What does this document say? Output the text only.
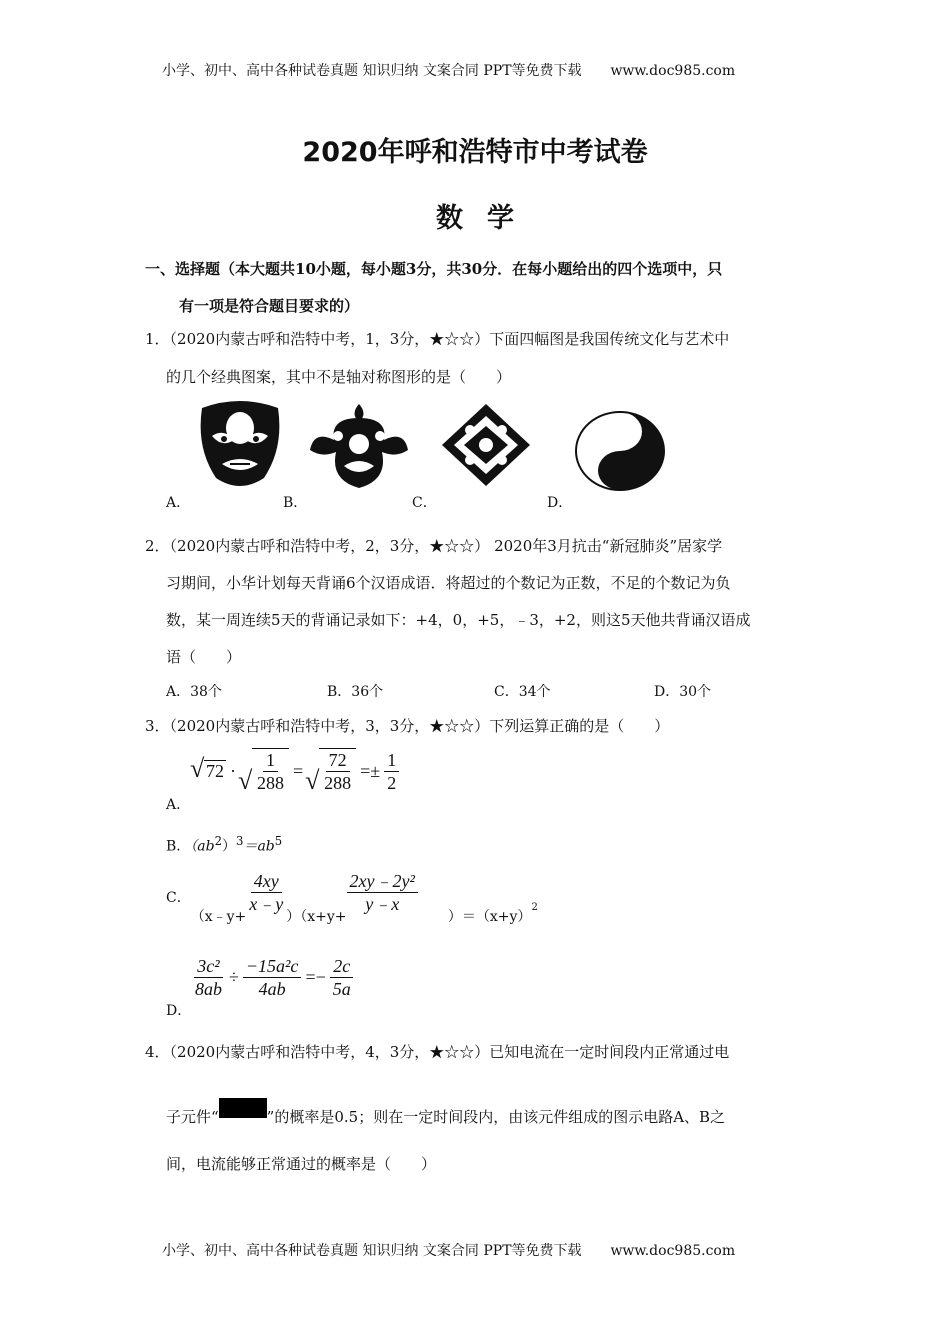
小学、初中、高中各种试卷真题 知识归纳 文案合同 PPT等免费下载 www.doc985.com
2020年呼和浩特市中考试卷
数学
一、选择题（本大题共10小题，每小题3分，共30分．在每小题给出的四个选项中，只
有一项是符合题目要求的）
1．（2020内蒙古呼和浩特中考，1，3分，★☆☆）下面四幅图是我国传统文化与艺术中
的几个经典图案，其中不是轴对称图形的是（　　）
A．	B．	C．	D．
2．（2020内蒙古呼和浩特中考，2，3分，★☆☆） 2020年3月抗击“新冠肺炎”居家学
习期间，小华计划每天背诵6个汉语成语．将超过的个数记为正数，不足的个数记为负
数，某一周连续5天的背诵记录如下：+4，0，+5，﹣3，+2，则这5天他共背诵汉语成
语（　　）
A．38个	B．36个	C．34个	D．30个
3．（2020内蒙古呼和浩特中考，3，3分，★☆☆）下列运算正确的是（　　）
√ 72 · √ $\frac{1}{288}$ = √ $\frac{72}{288} =\pm \frac{1}{2}$
A．
B．$(ab^2)^3=ab^5$
C．
（x﹣y+
$\frac{4xy}{x﹣y}$
）（x+y+
$\frac{\text{2xy﹣2y²}}{y﹣x}$
）＝（x+y）
$^2$
$\frac{\text{3c²}}{8ab} \div \frac{\text{−15a²c}}{4ab} =- \frac{2c}{5a}$
D．
4．（2020内蒙古呼和浩特中考，4，3分，★☆☆）已知电流在一定时间段内正常通过电
子元件“	”的概率是0.5；则在一定时间段内，由该元件组成的图示电路A、B之
间，电流能够正常通过的概率是（　　）
小学、初中、高中各种试卷真题 知识归纳 文案合同 PPT等免费下载 www.doc985.com
